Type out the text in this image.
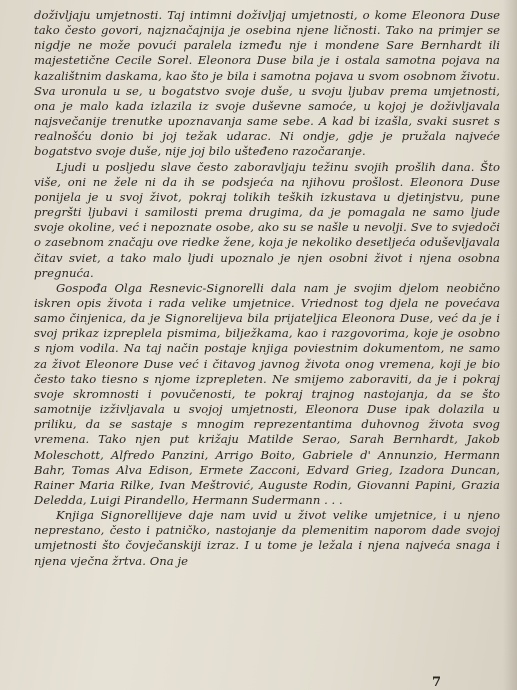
doživljaju umjetnosti. Taj intimni doživljaj umjetnosti, o kome Eleonora Duse tako često govori, najznačajnija je osebina njene ličnosti. Tako na primjer se nigdje ne može povući paralela između nje i mondene Sare Bernhardt ili majestetične Cecile Sorel. Eleonora Duse bila je i ostala samotna pojava na kazalištnim daskama, kao što je bila i samotna pojava u svom osobnom životu. Sva uronula u se, u bogatstvo svoje duše, u svoju ljubav prema umjetnosti, ona je malo kada izlazila iz svoje duševne samoće, u kojoj je doživljavala najsvečanije trenutke upoznavanja same sebe. A kad bi izašla, svaki susret s realnošću donio bi joj težak udarac. Ni ondje, gdje je pružala najveće bogatstvo svoje duše, nije joj bilo ušteđeno razočaranje.

Ljudi u posljedu slave često zaboravljaju težinu svojih prošlih dana. Što više, oni ne žele ni da ih se podsjeća na njihovu prošlost. Eleonora Duse ponijela je u svoj život, pokraj tolikih teških izkustava u djetinjstvu, pune pregršti ljubavi i samilosti prema drugima, da je pomagala ne samo ljude svoje okoline, već i nepoznate osobe, ako su se našle u nevolji. Sve to svjedoči o zasebnom značaju ove riedke žene, koja je nekoliko desetljeća oduševljavala čitav sviet, a tako malo ljudi upoznalo je njen osobni život i njena osobna pregnuća.

Gospođa Olga Resnevic-Signorelli dala nam je svojim djelom neobično iskren opis života i rada velike umjetnice. Vriednost tog djela ne povećava samo činjenica, da je Signorelijeva bila prijateljica Eleonora Duse, već da je i svoj prikaz izpreplela pismima, bilježkama, kao i razgovorima, koje je osobno s njom vodila. Na taj način postaje knjiga poviestnim dokumentom, ne samo za život Eleonore Duse već i čitavog javnog života onog vremena, koji je bio često tako tiesno s njome izprepleten. Ne smijemo zaboraviti, da je i pokraj svoje skromnosti i povučenosti, te pokraj trajnog nastojanja, da se što samotnije izživljavala u svojoj umjetnosti, Eleonora Duse ipak dolazila u priliku, da se sastaje s mnogim reprezentantima duhovnog života svog vremena. Tako njen put križaju Matilde Serao, Sarah Bernhardt, Jakob Moleschott, Alfredo Panzini, Arrigo Boito, Gabriele d' Annunzio, Hermann Bahr, Tomas Alva Edison, Ermete Zacconi, Edvard Grieg, Izadora Duncan, Rainer Maria Rilke, Ivan Meštrović, Auguste Rodin, Giovanni Papini, Grazia Deledda, Luigi Pirandello, Hermann Sudermann . . .

Knjiga Signorellijeve daje nam uvid u život velike umjetnice, i u njeno neprestano, često i patničko, nastojanje da plemenitim naporom dade svojoj umjetnosti što čovječanskiji izraz. I u tome je ležala i njena najveća snaga i njena vječna žrtva. Ona je

7
